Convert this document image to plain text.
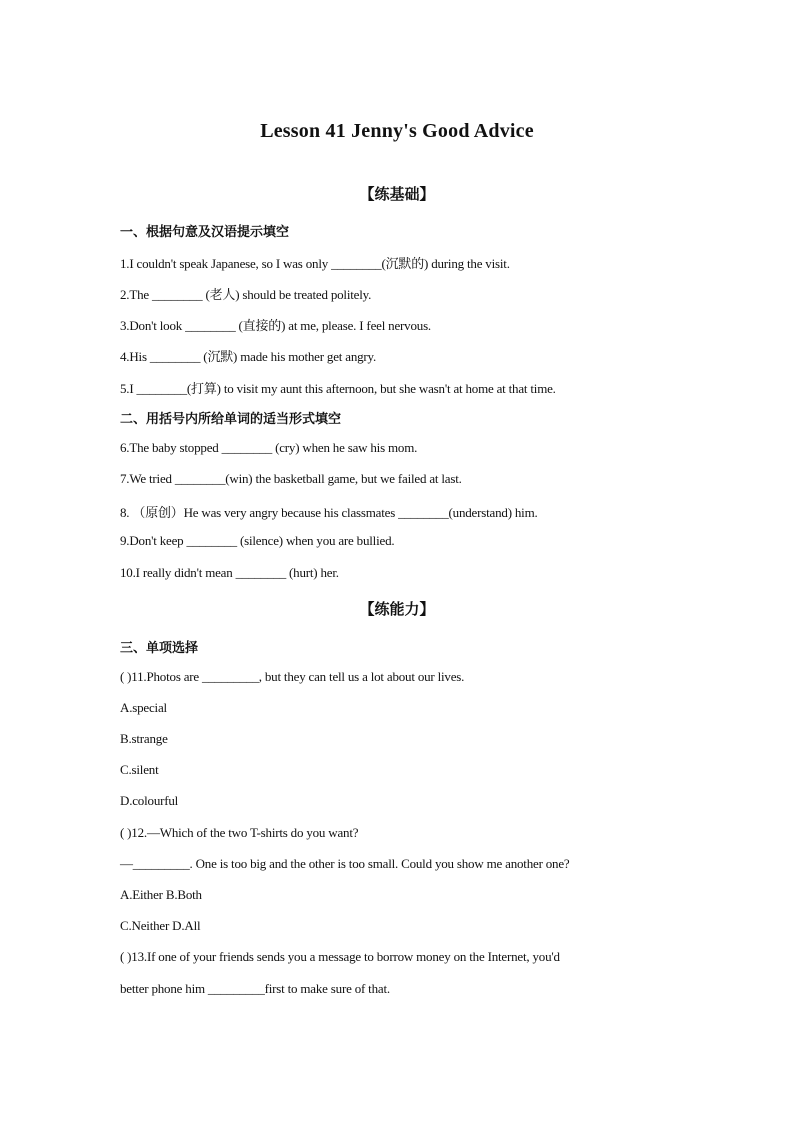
Lesson 41 Jenny's Good Advice
【练基础】
一、根据句意及汉语提示填空
1.I couldn't speak Japanese, so I was only ________(沉默的) during the visit.
2.The ________ (老人) should be treated politely.
3.Don't look ________ (直接的) at me, please. I feel nervous.
4.His ________ (沉默) made his mother get angry.
5.I ________(打算) to visit my aunt this afternoon, but she wasn't at home at that time.
二、用括号内所给单词的适当形式填空
6.The baby stopped ________ (cry) when he saw his mom.
7.We tried ________(win) the basketball game, but we failed at last.
8. （原创）He was very angry because his classmates ________(understand) him.
9.Don't keep ________ (silence) when you are bullied.
10.I really didn't mean ________ (hurt) her.
【练能力】
三、单项选择
( )11.Photos are _________, but they can tell us a lot about our lives.
A.special
B.strange
C.silent
D.colourful
( )12.—Which of the two T-shirts do you want?
—_________. One is too big and the other is too small. Could you show me another one?
A.Either B.Both
C.Neither D.All
( )13.If one of your friends sends you a message to borrow money on the Internet, you'd
better phone him _________first to make sure of that.
